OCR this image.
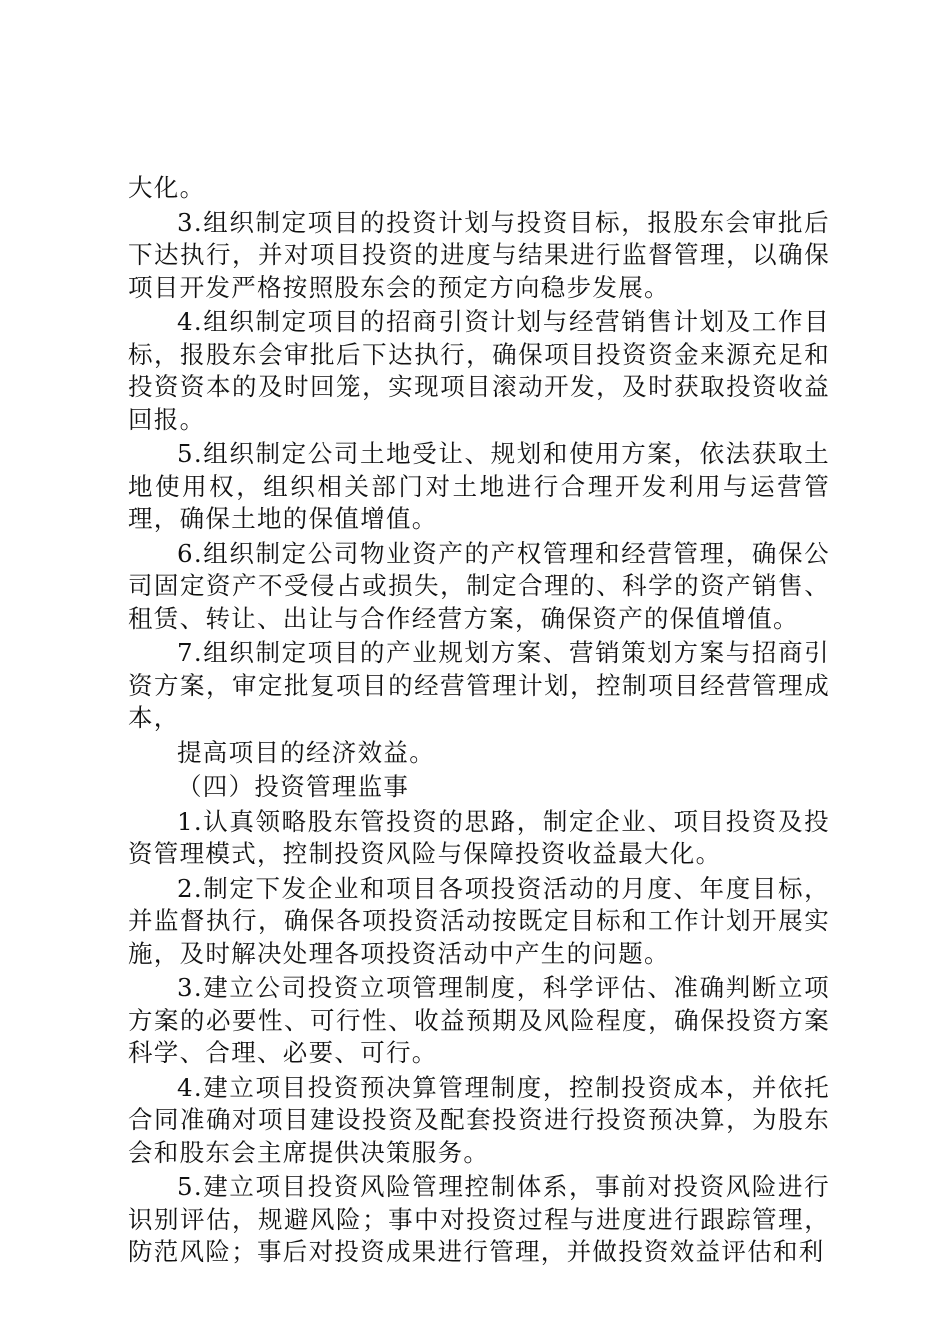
大化。

3.组织制定项目的投资计划与投资目标，报股东会审批后下达执行，并对项目投资的进度与结果进行监督管理，以确保项目开发严格按照股东会的预定方向稳步发展。

4.组织制定项目的招商引资计划与经营销售计划及工作目标，报股东会审批后下达执行，确保项目投资资金来源充足和投资资本的及时回笼，实现项目滚动开发，及时获取投资收益回报。

5.组织制定公司土地受让、规划和使用方案，依法获取土地使用权，组织相关部门对土地进行合理开发利用与运营管理，确保土地的保值增值。

6.组织制定公司物业资产的产权管理和经营管理，确保公司固定资产不受侵占或损失，制定合理的、科学的资产销售、租赁、转让、出让与合作经营方案，确保资产的保值增值。

7.组织制定项目的产业规划方案、营销策划方案与招商引资方案，审定批复项目的经营管理计划，控制项目经营管理成本，

提高项目的经济效益。

（四）投资管理监事

1.认真领略股东管投资的思路，制定企业、项目投资及投资管理模式，控制投资风险与保障投资收益最大化。

2.制定下发企业和项目各项投资活动的月度、年度目标，并监督执行，确保各项投资活动按既定目标和工作计划开展实施，及时解决处理各项投资活动中产生的问题。

3.建立公司投资立项管理制度，科学评估、准确判断立项方案的必要性、可行性、收益预期及风险程度，确保投资方案科学、合理、必要、可行。

4.建立项目投资预决算管理制度，控制投资成本，并依托合同准确对项目建设投资及配套投资进行投资预决算，为股东会和股东会主席提供决策服务。

5.建立项目投资风险管理控制体系，事前对投资风险进行识别评估，规避风险；事中对投资过程与进度进行跟踪管理，防范风险；事后对投资成果进行管理，并做投资效益评估和利
